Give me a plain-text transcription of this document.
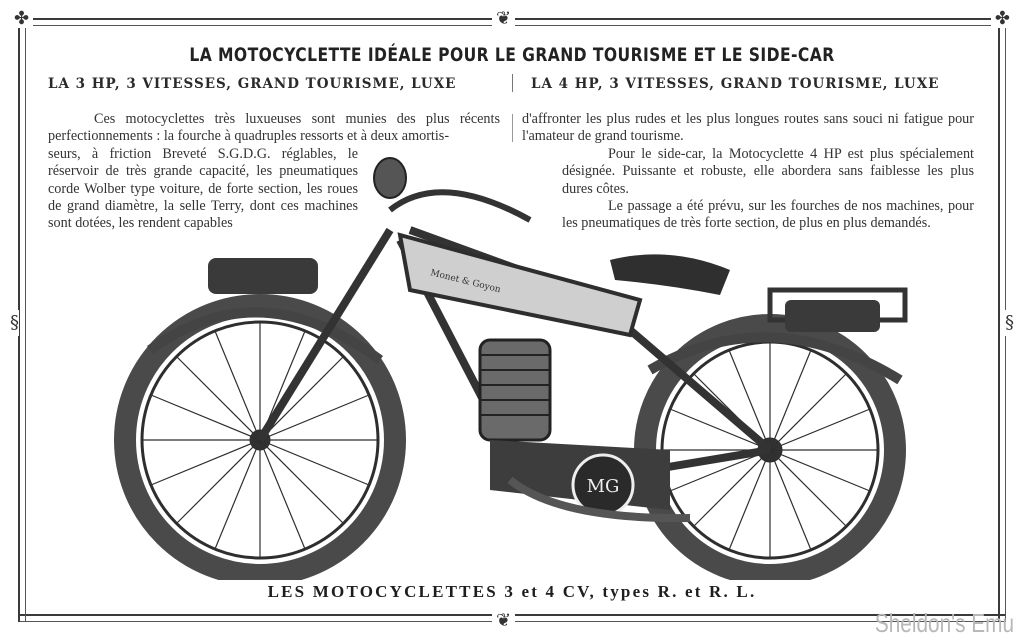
❦
❦
§	§
✤	✤
LA MOTOCYCLETTE IDÉALE POUR LE GRAND TOURISME ET LE SIDE-CAR
LA 3 HP, 3 VITESSES, GRAND TOURISME, LUXE	LA 4 HP, 3 VITESSES, GRAND TOURISME, LUXE
Ces motocyclettes très luxueuses sont munies des plus récents perfectionnements : la fourche à quadruples ressorts et à deux amortis-
seurs, à friction Breveté S.G.D.G. réglables, le réservoir de très grande capacité, les pneumatiques corde Wolber type voiture, de forte section, les roues de grand diamètre, la selle Terry, dont ces machines sont dotées, les rendent capables
d'affronter les plus rudes et les plus longues routes sans souci ni fatigue pour l'amateur de grand tourisme.
Pour le side-car, la Motocyclette 4 HP est plus spécialement désignée. Puissante et robuste, elle abordera sans faiblesse les plus dures côtes.
Le passage a été prévu, sur les fourches de nos machines, pour les pneumatiques de très forte section, de plus en plus demandés.
Monet & Goyon
MG
LES MOTOCYCLETTES 3 et 4 CV, types R. et R. L.
Sheldon's Emu
